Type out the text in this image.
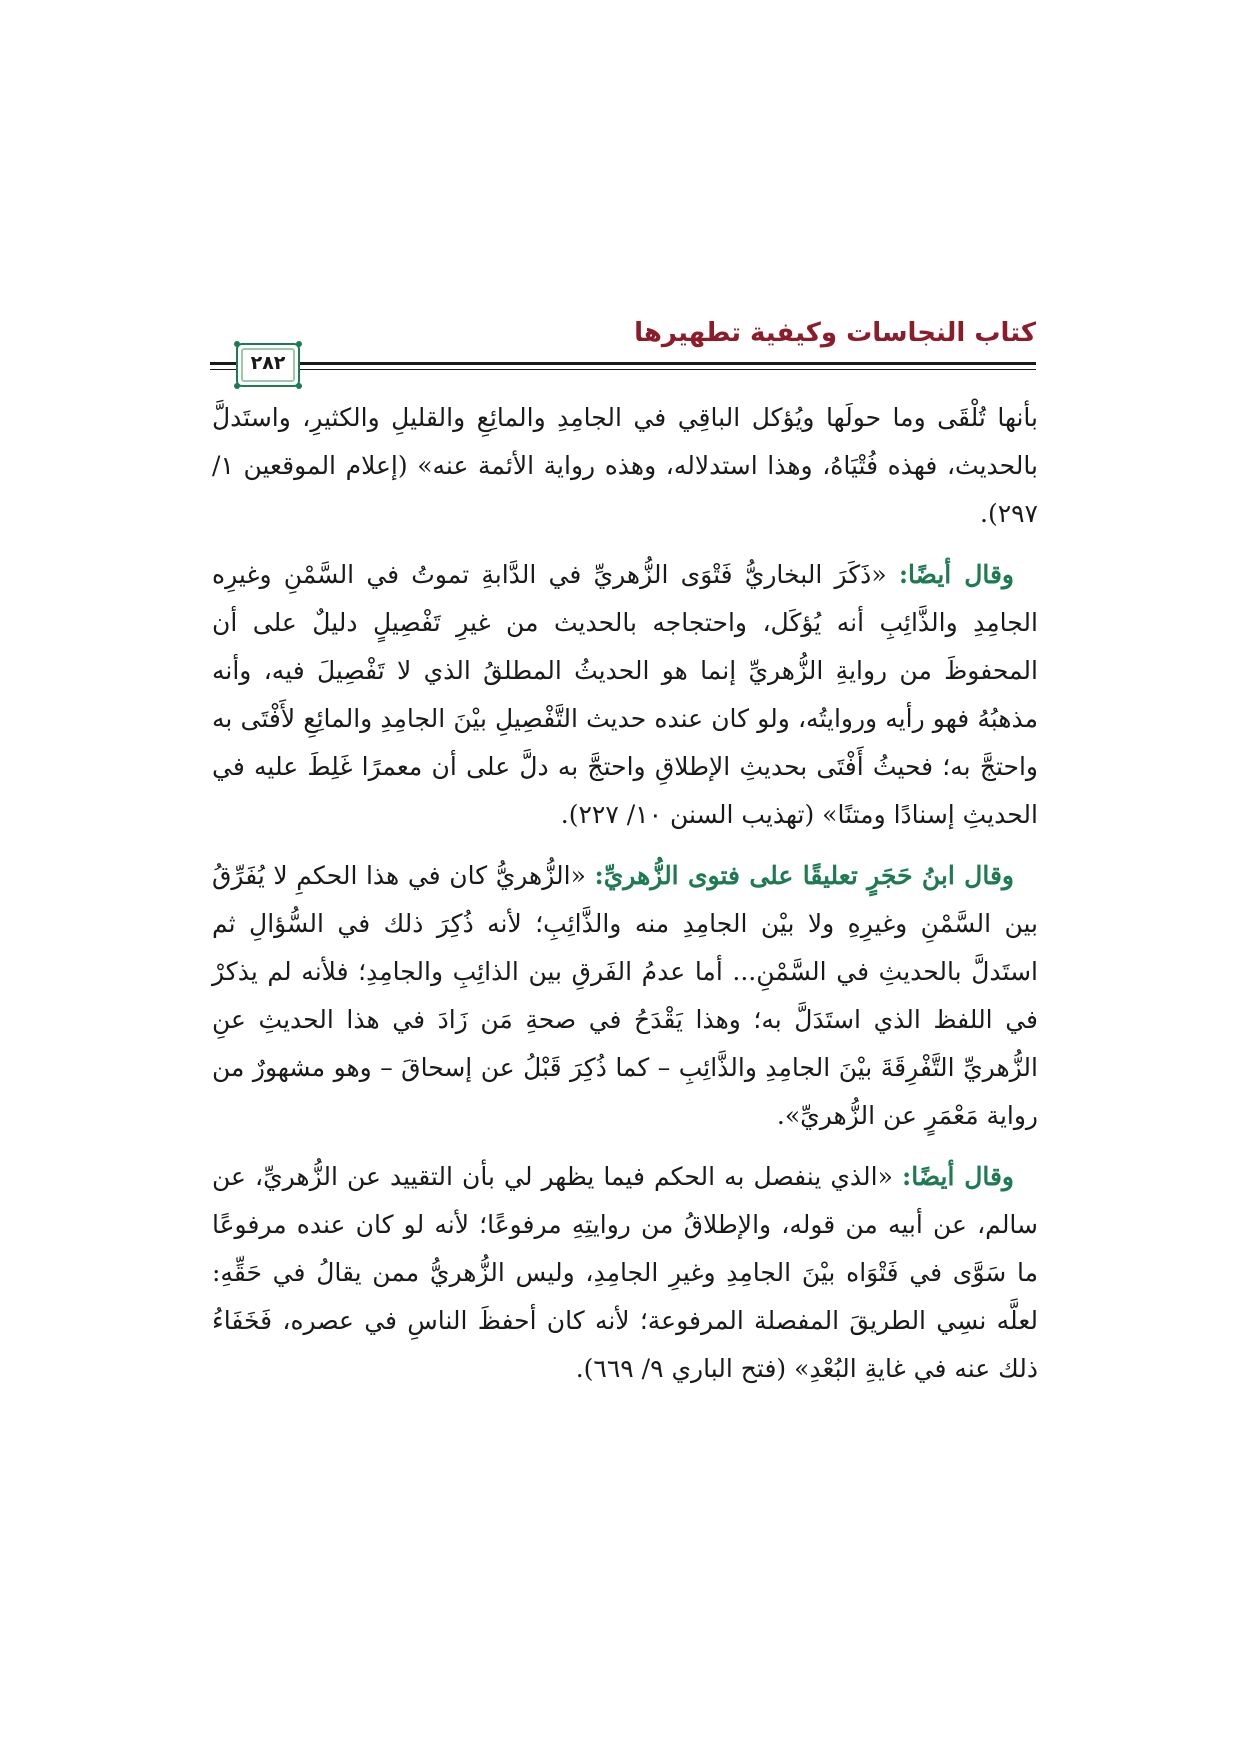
كتاب النجاسات وكيفية تطهيرها
٢٨٢

بأنها تُلْقَى وما حولَها ويُؤكل الباقِي في الجامِدِ والمائِعِ والقليلِ والكثيرِ، واستَدلَّ بالحديث، فهذه فُتْيَاهُ، وهذا استدلاله، وهذه رواية الأئمة عنه» (إعلام الموقعين ١/ ٢٩٧).

وقال أيضًا: «ذَكَرَ البخاريُّ فَتْوَى الزُّهريِّ في الدَّابةِ تموتُ في السَّمْنِ وغيرِه الجامِدِ والذَّائِبِ أنه يُؤكَل، واحتجاجه بالحديث من غيرِ تَفْصِيلٍ دليلٌ على أن المحفوظَ من روايةِ الزُّهريِّ إنما هو الحديثُ المطلقُ الذي لا تَفْصِيلَ فيه، وأنه مذهبُهُ فهو رأيه وروايتُه، ولو كان عنده حديث التَّفْصِيلِ بيْنَ الجامِدِ والمائِعِ لأَفْتَى به واحتجَّ به؛ فحيثُ أَفْتَى بحديثِ الإطلاقِ واحتجَّ به دلَّ على أن معمرًا غَلِطَ عليه في الحديثِ إسنادًا ومتنًا» (تهذيب السنن ١٠/ ٢٢٧).

وقال ابنُ حَجَرٍ تعليقًا على فتوى الزُّهريِّ: «الزُّهريُّ كان في هذا الحكمِ لا يُفَرِّقُ بين السَّمْنِ وغيرِهِ ولا بيْن الجامِدِ منه والذَّائِبِ؛ لأنه ذُكِرَ ذلك في السُّؤالِ ثم استَدلَّ بالحديثِ في السَّمْنِ... أما عدمُ الفَرقِ بين الذائِبِ والجامِدِ؛ فلأنه لم يذكرْ في اللفظ الذي استَدَلَّ به؛ وهذا يَقْدَحُ في صحةِ مَن زَادَ في هذا الحديثِ عنِ الزُّهريِّ التَّفْرِقَةَ بيْنَ الجامِدِ والذَّائِبِ – كما ذُكِرَ قَبْلُ عن إسحاقَ – وهو مشهورٌ من رواية مَعْمَرٍ عن الزُّهريِّ».

وقال أيضًا: «الذي ينفصل به الحكم فيما يظهر لي بأن التقييد عن الزُّهريِّ، عن سالم، عن أبيه من قوله، والإطلاقُ من روايتِهِ مرفوعًا؛ لأنه لو كان عنده مرفوعًا ما سَوَّى في فَتْوَاه بيْنَ الجامِدِ وغيرِ الجامِدِ، وليس الزُّهريُّ ممن يقالُ في حَقِّهِ: لعلَّه نسِي الطريقَ المفصلة المرفوعة؛ لأنه كان أحفظَ الناسِ في عصره، فَخَفَاءُ ذلك عنه في غايةِ البُعْدِ» (فتح الباري ٩/ ٦٦٩).
